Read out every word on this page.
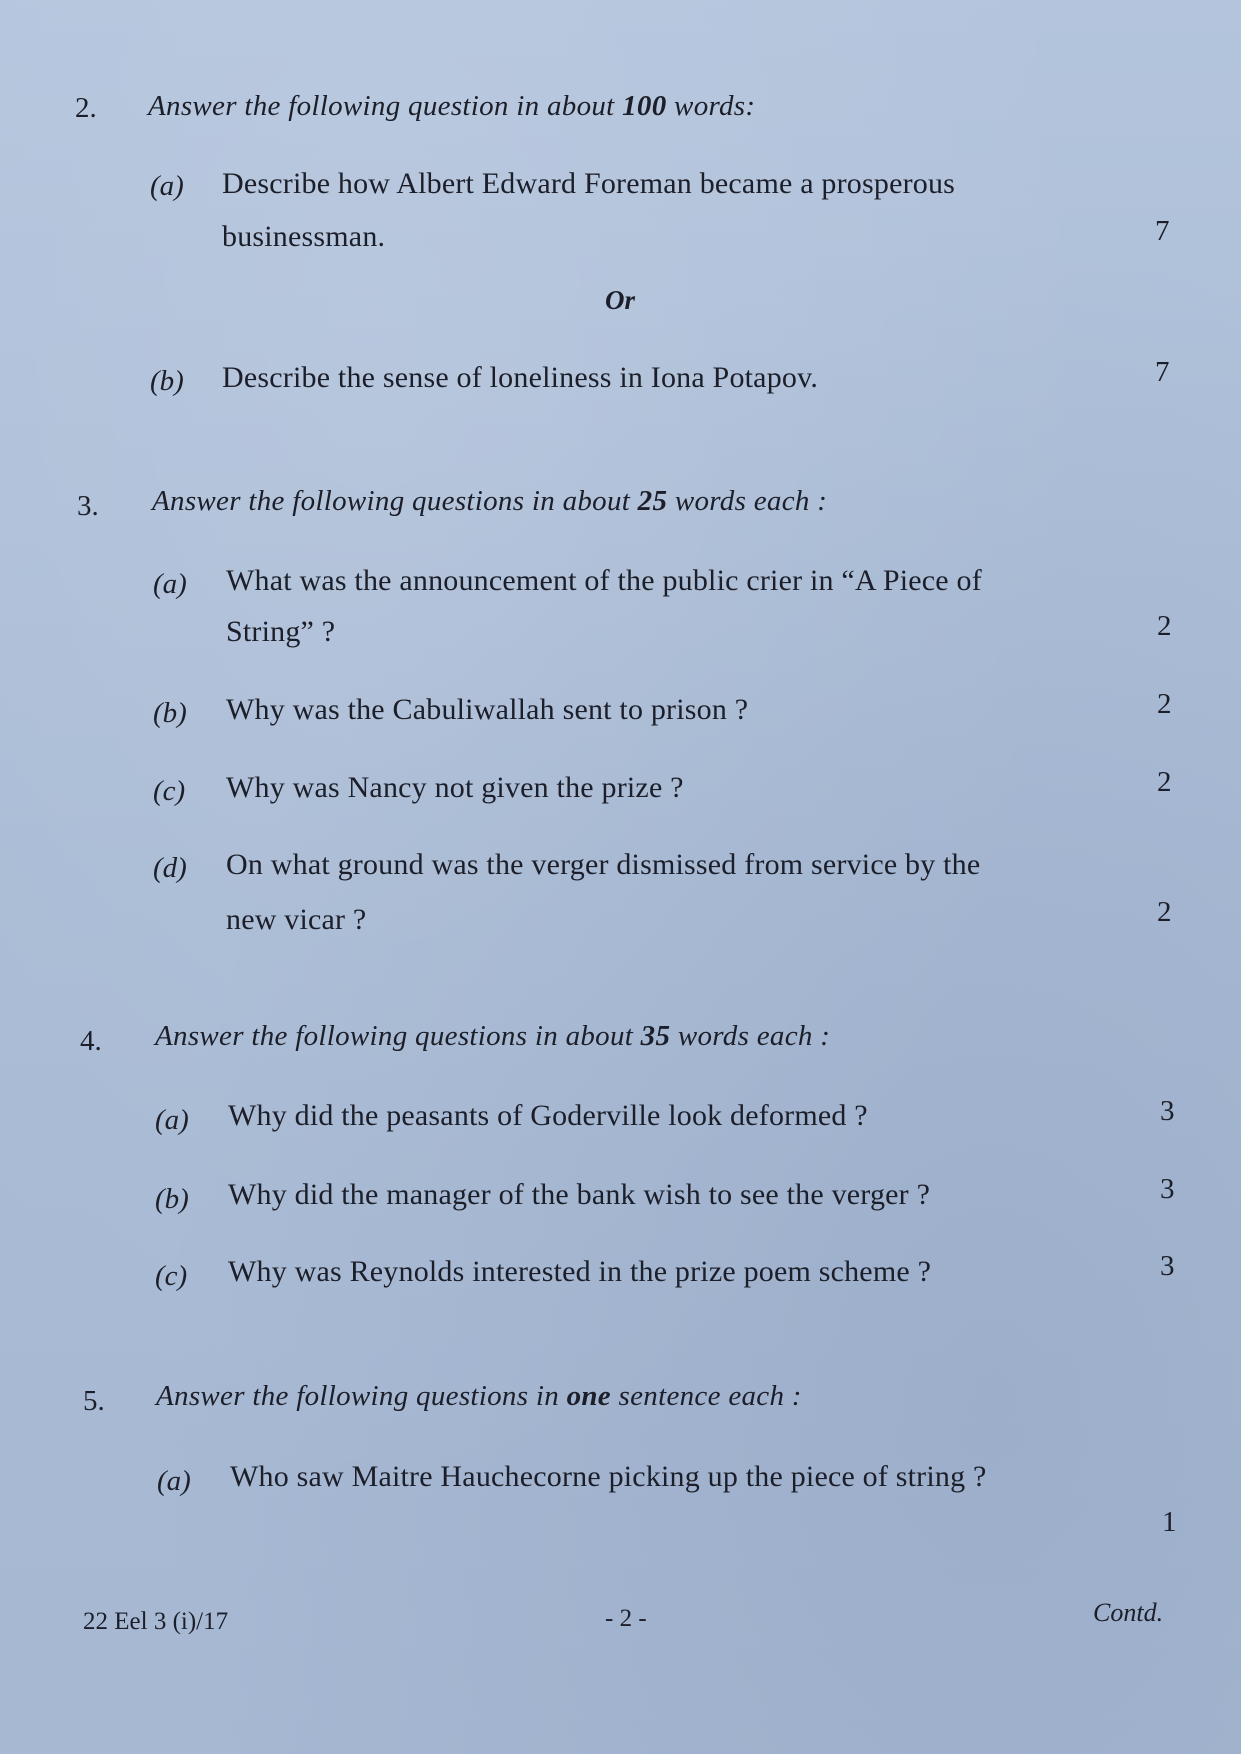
2. Answer the following question in about 100 words:
(a) Describe how Albert Edward Foreman became a prosperous
businessman.	7
Or
(b) Describe the sense of loneliness in Iona Potapov.	7
3. Answer the following questions in about 25 words each :
(a) What was the announcement of the public crier in “A Piece of
String” ?	2
(b) Why was the Cabuliwallah sent to prison ?	2
(c) Why was Nancy not given the prize ?	2
(d) On what ground was the verger dismissed from service by the
new vicar ?	2
4. Answer the following questions in about 35 words each :
(a) Why did the peasants of Goderville look deformed ?	3
(b) Why did the manager of the bank wish to see the verger ?	3
(c) Why was Reynolds interested in the prize poem scheme ?	3
5. Answer the following questions in one sentence each :
(a) Who saw Maitre Hauchecorne picking up the piece of string ?
1
22 Eel 3 (i)/17	- 2 -	Contd.
